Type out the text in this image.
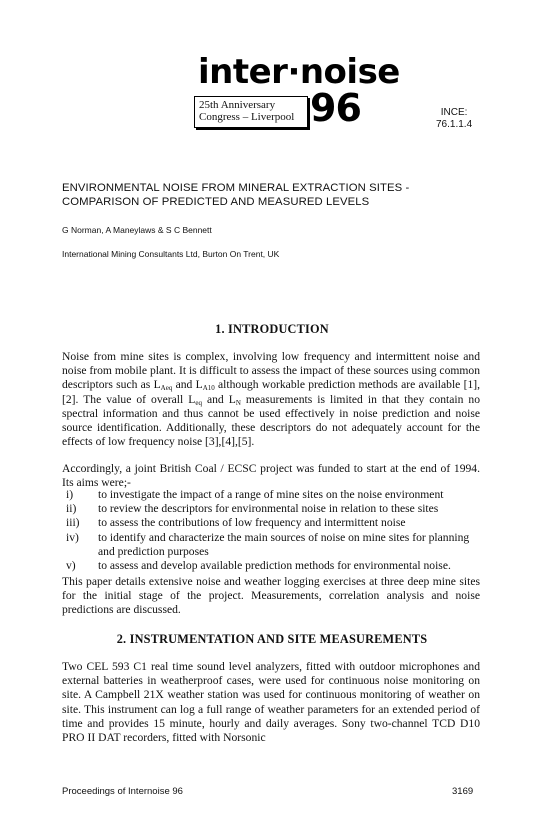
inter·noise
25th Anniversary
Congress – Liverpool 96	INCE:
76.1.1.4
ENVIRONMENTAL NOISE FROM MINERAL EXTRACTION SITES -
COMPARISON OF PREDICTED AND MEASURED LEVELS
G Norman, A Maneylaws & S C Bennett
International Mining Consultants Ltd, Burton On Trent, UK
1. INTRODUCTION
Noise from mine sites is complex, involving low frequency and intermittent noise and noise from mobile plant. It is difficult to assess the impact of these sources using common descriptors such as $L_{Aeq}$ and $L_{A10}$ although workable prediction methods are available [1],[2]. The value of overall $L_{eq}$ and $L_N$ measurements is limited in that they contain no spectral information and thus cannot be used effectively in noise prediction and noise source identification. Additionally, these descriptors do not adequately account for the effects of low frequency noise [3],[4],[5].
Accordingly, a joint British Coal / ECSC project was funded to start at the end of 1994. Its aims were;-
i)	to investigate the impact of a range of mine sites on the noise environment
ii)	to review the descriptors for environmental noise in relation to these sites
iii)	to assess the contributions of low frequency and intermittent noise
iv)	to identify and characterize the main sources of noise on mine sites for planning and prediction purposes
v)	to assess and develop available prediction methods for environmental noise.
This paper details extensive noise and weather logging exercises at three deep mine sites for the initial stage of the project. Measurements, correlation analysis and noise predictions are discussed.
2. INSTRUMENTATION AND SITE MEASUREMENTS
Two CEL 593 C1 real time sound level analyzers, fitted with outdoor microphones and external batteries in weatherproof cases, were used for continuous noise monitoring on site. A Campbell 21X weather station was used for continuous monitoring of weather on site. This instrument can log a full range of weather parameters for an extended period of time and provides 15 minute, hourly and daily averages. Sony two-channel TCD D10 PRO II DAT recorders, fitted with Norsonic
Proceedings of Internoise 96	3169
